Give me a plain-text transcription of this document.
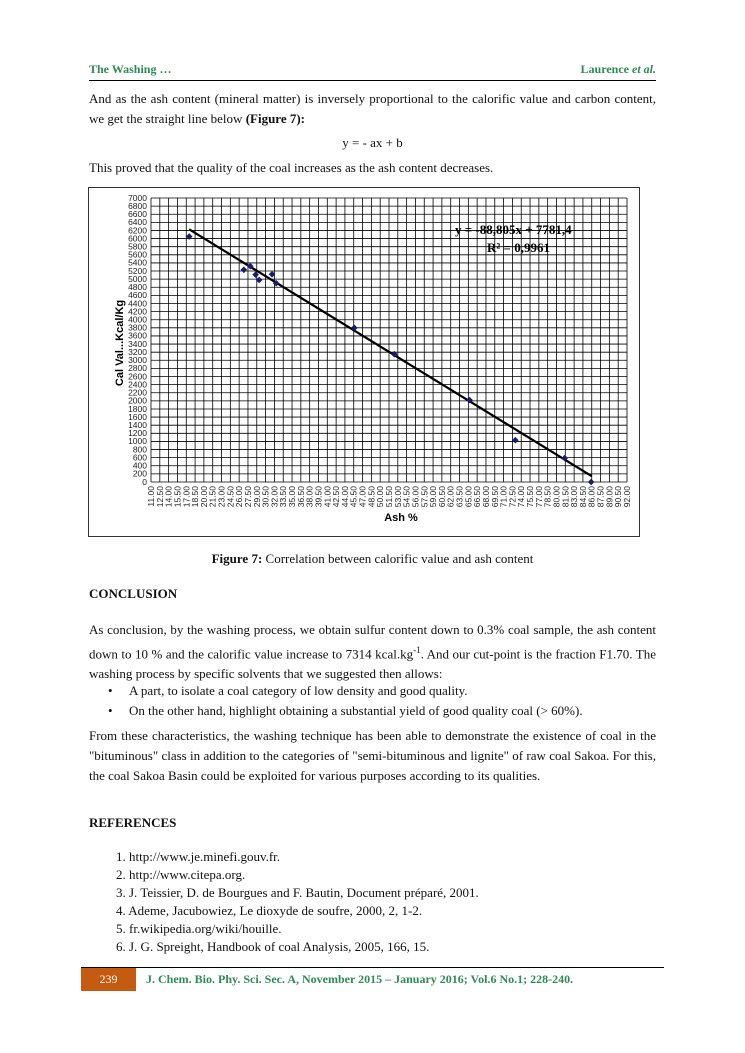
The Washing …	Laurence et al.
And as the ash content (mineral matter) is inversely proportional to the calorific value and carbon content, we get the straight line below (Figure 7):
y = - ax + b
This proved that the quality of the coal increases as the ash content decreases.
0
200
400
600
800
1000
1200
1400
1600
1800
2000
2200
2400
2600
2800
3000
3200
3400
3600
3800
4000
4200
4400
4600
4800
5000
5200
5400
5600
5800
6000
6200
6400
6600
6800
7000
11.00
12.50
14.00
15.50
17.00
18.50
20.00
21.50
23.00
24.50
26.00
27.50
29.00
30.50
32.00
33.50
35.00
36.50
38.00
39.50
41.00
42.50
44.00
45.50
47.00
48.50
50.00
51.50
53.00
54.50
56.00
57.50
59.00
60.50
62.00
63.50
65.00
66.50
68.00
69.50
71.00
72.50
74.00
75.50
77.00
78.50
80.00
81.50
83.00
84.50
86.00
87.50
89.00
90.50
92.00
Cal Val...Kcal/Kg
Ash %
y = -88,805x + 7781,4
R² = 0,9961
Figure 7: Correlation between calorific value and ash content
CONCLUSION
As conclusion, by the washing process, we obtain sulfur content down to 0.3% coal sample, the ash content down to 10 % and the calorific value increase to 7314 $kcal.kg^{-1}$. And our cut-point is the fraction F1.70. The washing process by specific solvents that we suggested then allows:
• A part, to isolate a coal category of low density and good quality.
• On the other hand, highlight obtaining a substantial yield of good quality coal (> 60%).
From these characteristics, the washing technique has been able to demonstrate the existence of coal in the "bituminous" class in addition to the categories of "semi-bituminous and lignite" of raw coal Sakoa. For this, the coal Sakoa Basin could be exploited for various purposes according to its qualities.
REFERENCES
1. http://www.je.minefi.gouv.fr.
2. http://www.citepa.org.
3. J. Teissier, D. de Bourgues and F. Bautin, Document préparé, 2001.
4. Ademe, Jacubowiez, Le dioxyde de soufre, 2000, 2, 1-2.
5. fr.wikipedia.org/wiki/houille.
6. J. G. Spreight, Handbook of coal Analysis, 2005, 166, 15.
239	J. Chem. Bio. Phy. Sci. Sec. A, November 2015 – January 2016; Vol.6 No.1; 228-240.
